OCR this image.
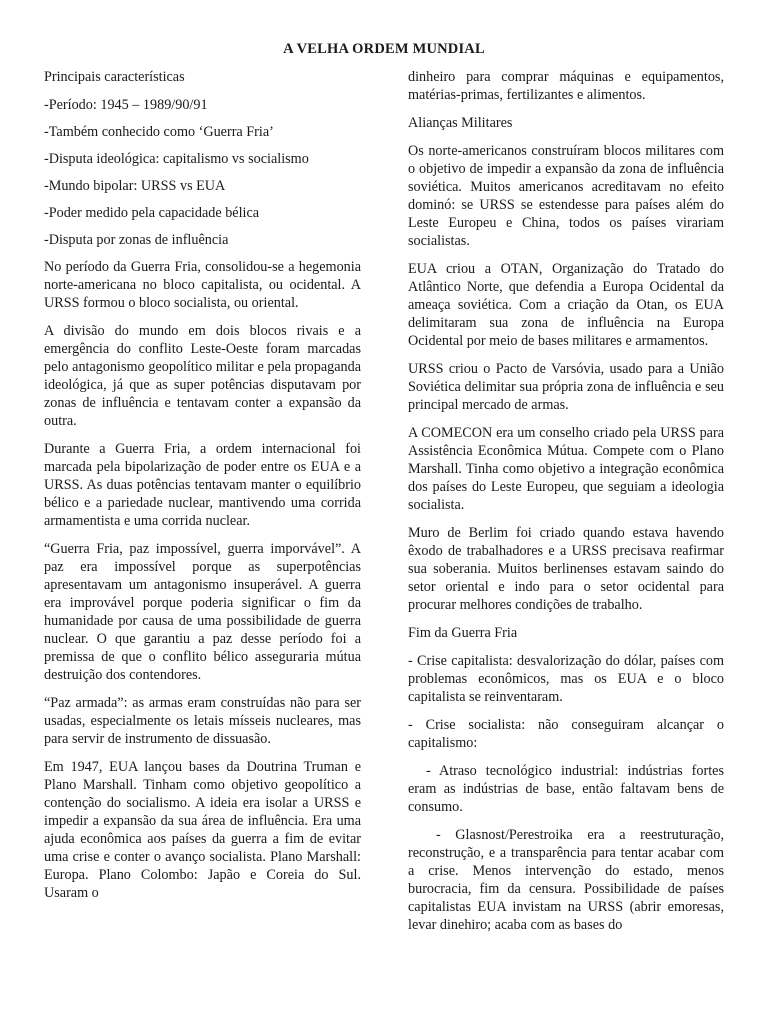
A VELHA ORDEM MUNDIAL

Principais características

-Período: 1945 – 1989/90/91

-Também conhecido como ‘Guerra Fria’

-Disputa ideológica: capitalismo vs socialismo

-Mundo bipolar: URSS vs EUA

-Poder medido pela capacidade bélica

-Disputa por zonas de influência

No período da Guerra Fria, consolidou-se a hegemonia norte-americana no bloco capitalista, ou ocidental. A URSS formou o bloco socialista, ou oriental.

A divisão do mundo em dois blocos rivais e a emergência do conflito Leste-Oeste foram marcadas pelo antagonismo geopolítico militar e pela propaganda ideológica, já que as super potências disputavam por zonas de influência e tentavam conter a expansão da outra.

Durante a Guerra Fria, a ordem internacional foi marcada pela bipolarização de poder entre os EUA e a URSS. As duas potências tentavam manter o equilíbrio bélico e a pariedade nuclear, mantivendo uma corrida armamentista e uma corrida nuclear.

“Guerra Fria, paz impossível, guerra imporvável”. A paz era impossível porque as superpotências apresentavam um antagonismo insuperável. A guerra era improvável porque poderia significar o fim da humanidade por causa de uma possibilidade de guerra nuclear. O que garantiu a paz desse período foi a premissa de que o conflito bélico asseguraria mútua destruição dos contendores.

“Paz armada”: as armas eram construídas não para ser usadas, especialmente os letais mísseis nucleares, mas para servir de instrumento de dissuasão.

Em 1947, EUA lançou bases da Doutrina Truman e Plano Marshall. Tinham como objetivo geopolítico a contenção do socialismo. A ideia era isolar a URSS e impedir a expansão da sua área de influência. Era uma ajuda econômica aos países da guerra a fim de evitar uma crise e conter o avanço socialista. Plano Marshall: Europa. Plano Colombo: Japão e Coreia do Sul. Usaram o

dinheiro para comprar máquinas e equipamentos, matérias-primas, fertilizantes e alimentos.

Alianças Militares

Os norte-americanos construíram blocos militares com o objetivo de impedir a expansão da zona de influência soviética. Muitos americanos acreditavam no efeito dominó: se URSS se estendesse para países além do Leste Europeu e China, todos os países virariam socialistas.

EUA criou a OTAN, Organização do Tratado do Atlântico Norte, que defendia a Europa Ocidental da ameaça soviética. Com a criação da Otan, os EUA delimitaram sua zona de influência na Europa Ocidental por meio de bases militares e armamentos.

URSS criou o Pacto de Varsóvia, usado para a União Soviética delimitar sua própria zona de influência e seu principal mercado de armas.

A COMECON era um conselho criado pela URSS para Assistência Econômica Mútua. Compete com o Plano Marshall. Tinha como objetivo a integração econômica dos países do Leste Europeu, que seguiam a ideologia socialista.

Muro de Berlim foi criado quando estava havendo êxodo de trabalhadores e a URSS precisava reafirmar sua soberania. Muitos berlinenses estavam saindo do setor oriental e indo para o setor ocidental para procurar melhores condições de trabalho.

Fim da Guerra Fria

- Crise capitalista: desvalorização do dólar, países com problemas econômicos, mas os EUA e o bloco capitalista se reinventaram.

- Crise socialista: não conseguiram alcançar o capitalismo:

- Atraso tecnológico industrial: indústrias fortes eram as indústrias de base, então faltavam bens de consumo.

- Glasnost/Perestroika era a reestruturação, reconstrução, e a transparência para tentar acabar com a crise. Menos intervenção do estado, menos burocracia, fim da censura. Possibilidade de países capitalistas EUA invistam na URSS (abrir emoresas, levar dinehiro; acaba com as bases do
